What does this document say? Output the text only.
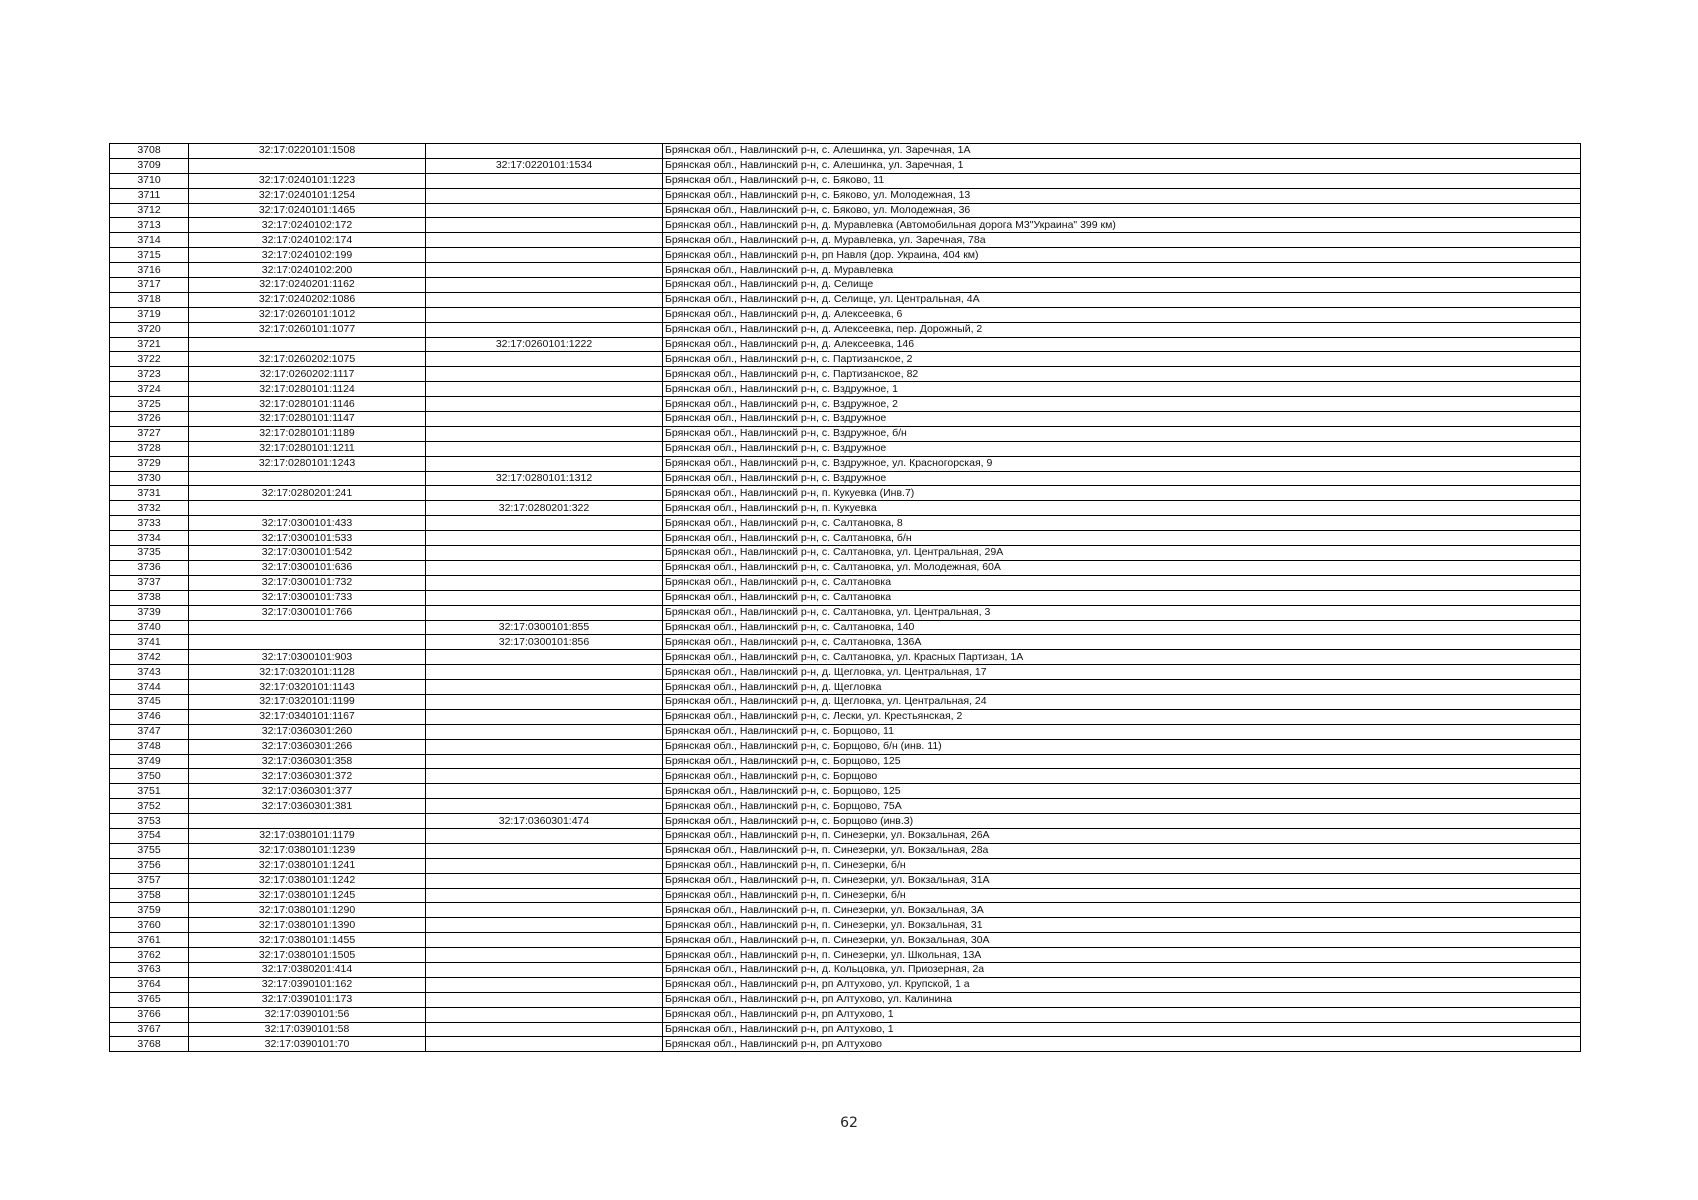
3708	32:17:0220101:1508		Брянская обл., Навлинский р-н, с. Алешинка, ул. Заречная, 1А
3709		32:17:0220101:1534	Брянская обл., Навлинский р-н, с. Алешинка, ул. Заречная, 1
3710	32:17:0240101:1223		Брянская обл., Навлинский р-н, с. Бяково, 11
3711	32:17:0240101:1254		Брянская обл., Навлинский р-н, с. Бяково, ул. Молодежная, 13
3712	32:17:0240101:1465		Брянская обл., Навлинский р-н, с. Бяково, ул. Молодежная, 36
3713	32:17:0240102:172		Брянская обл., Навлинский р-н, д. Муравлевка (Автомобильная дорога М3"Украина" 399 км)
3714	32:17:0240102:174		Брянская обл., Навлинский р-н, д. Муравлевка, ул. Заречная, 78а
3715	32:17:0240102:199		Брянская обл., Навлинский р-н, рп Навля (дор. Украина, 404 км)
3716	32:17:0240102:200		Брянская обл., Навлинский р-н, д. Муравлевка
3717	32:17:0240201:1162		Брянская обл., Навлинский р-н, д. Селище
3718	32:17:0240202:1086		Брянская обл., Навлинский р-н, д. Селище, ул. Центральная, 4А
3719	32:17:0260101:1012		Брянская обл., Навлинский р-н, д. Алексеевка, 6
3720	32:17:0260101:1077		Брянская обл., Навлинский р-н, д. Алексеевка, пер. Дорожный, 2
3721		32:17:0260101:1222	Брянская обл., Навлинский р-н, д. Алексеевка, 146
3722	32:17:0260202:1075		Брянская обл., Навлинский р-н, с. Партизанское, 2
3723	32:17:0260202:1117		Брянская обл., Навлинский р-н, с. Партизанское, 82
3724	32:17:0280101:1124		Брянская обл., Навлинский р-н, с. Вздружное, 1
3725	32:17:0280101:1146		Брянская обл., Навлинский р-н, с. Вздружное, 2
3726	32:17:0280101:1147		Брянская обл., Навлинский р-н, с. Вздружное
3727	32:17:0280101:1189		Брянская обл., Навлинский р-н, с. Вздружное, б/н
3728	32:17:0280101:1211		Брянская обл., Навлинский р-н, с. Вздружное
3729	32:17:0280101:1243		Брянская обл., Навлинский р-н, с. Вздружное, ул. Красногорская, 9
3730		32:17:0280101:1312	Брянская обл., Навлинский р-н, с. Вздружное
3731	32:17:0280201:241		Брянская обл., Навлинский р-н, п. Кукуевка (Инв.7)
3732		32:17:0280201:322	Брянская обл., Навлинский р-н, п. Кукуевка
3733	32:17:0300101:433		Брянская обл., Навлинский р-н, с. Салтановка, 8
3734	32:17:0300101:533		Брянская обл., Навлинский р-н, с. Салтановка, б/н
3735	32:17:0300101:542		Брянская обл., Навлинский р-н, с. Салтановка, ул. Центральная, 29А
3736	32:17:0300101:636		Брянская обл., Навлинский р-н, с. Салтановка, ул. Молодежная, 60А
3737	32:17:0300101:732		Брянская обл., Навлинский р-н, с. Салтановка
3738	32:17:0300101:733		Брянская обл., Навлинский р-н, с. Салтановка
3739	32:17:0300101:766		Брянская обл., Навлинский р-н, с. Салтановка, ул. Центральная, 3
3740		32:17:0300101:855	Брянская обл., Навлинский р-н, с. Салтановка, 140
3741		32:17:0300101:856	Брянская обл., Навлинский р-н, с. Салтановка, 136А
3742	32:17:0300101:903		Брянская обл., Навлинский р-н, с. Салтановка, ул. Красных Партизан, 1А
3743	32:17:0320101:1128		Брянская обл., Навлинский р-н, д. Щегловка, ул. Центральная, 17
3744	32:17:0320101:1143		Брянская обл., Навлинский р-н, д. Щегловка
3745	32:17:0320101:1199		Брянская обл., Навлинский р-н, д. Щегловка, ул. Центральная, 24
3746	32:17:0340101:1167		Брянская обл., Навлинский р-н, с. Лески, ул. Крестьянская, 2
3747	32:17:0360301:260		Брянская обл., Навлинский р-н, с. Борщово, 11
3748	32:17:0360301:266		Брянская обл., Навлинский р-н, с. Борщово, б/н (инв. 11)
3749	32:17:0360301:358		Брянская обл., Навлинский р-н, с. Борщово, 125
3750	32:17:0360301:372		Брянская обл., Навлинский р-н, с. Борщово
3751	32:17:0360301:377		Брянская обл., Навлинский р-н, с. Борщово, 125
3752	32:17:0360301:381		Брянская обл., Навлинский р-н, с. Борщово, 75А
3753		32:17:0360301:474	Брянская обл., Навлинский р-н, с. Борщово (инв.3)
3754	32:17:0380101:1179		Брянская обл., Навлинский р-н, п. Синезерки, ул. Вокзальная, 26А
3755	32:17:0380101:1239		Брянская обл., Навлинский р-н, п. Синезерки, ул. Вокзальная, 28а
3756	32:17:0380101:1241		Брянская обл., Навлинский р-н, п. Синезерки, б/н
3757	32:17:0380101:1242		Брянская обл., Навлинский р-н, п. Синезерки, ул. Вокзальная, 31А
3758	32:17:0380101:1245		Брянская обл., Навлинский р-н, п. Синезерки, б/н
3759	32:17:0380101:1290		Брянская обл., Навлинский р-н, п. Синезерки, ул. Вокзальная, 3А
3760	32:17:0380101:1390		Брянская обл., Навлинский р-н, п. Синезерки, ул. Вокзальная, 31
3761	32:17:0380101:1455		Брянская обл., Навлинский р-н, п. Синезерки, ул. Вокзальная, 30А
3762	32:17:0380101:1505		Брянская обл., Навлинский р-н, п. Синезерки, ул. Школьная, 13А
3763	32:17:0380201:414		Брянская обл., Навлинский р-н, д. Кольцовка, ул. Приозерная, 2а
3764	32:17:0390101:162		Брянская обл., Навлинский р-н, рп Алтухово, ул. Крупской, 1 а
3765	32:17:0390101:173		Брянская обл., Навлинский р-н, рп Алтухово, ул. Калинина
3766	32:17:0390101:56		Брянская обл., Навлинский р-н, рп Алтухово, 1
3767	32:17:0390101:58		Брянская обл., Навлинский р-н, рп Алтухово, 1
3768	32:17:0390101:70		Брянская обл., Навлинский р-н, рп Алтухово
62
